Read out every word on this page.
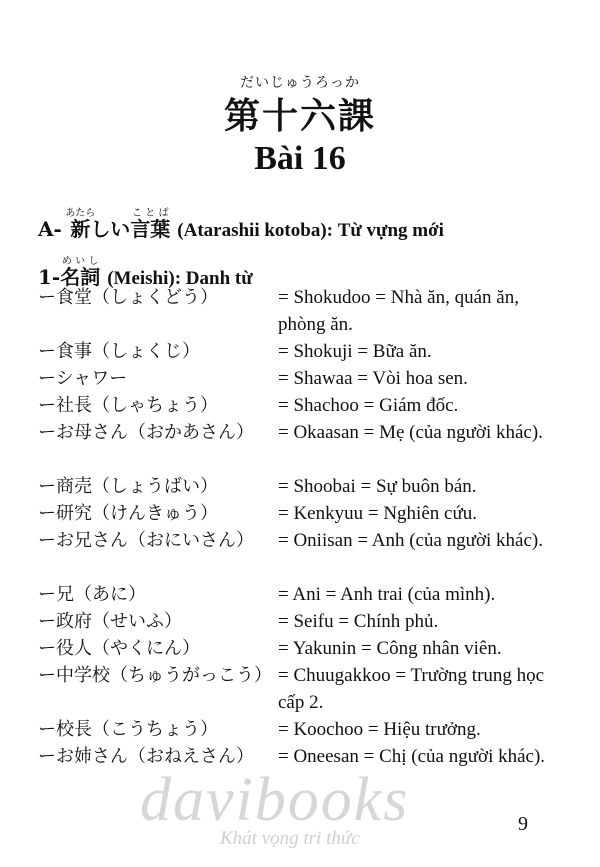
だいじゅうろっか
第十六課
Bài 16
A- 新あたらしい言葉ことば (Atarashii kotoba): Từ vựng mới
1-名詞めいし (Meishi): Danh từ
ー食堂（しょくどう）	= Shokudoo = Nhà ăn, quán ăn, phòng ăn.
ー食事（しょくじ）	= Shokuji = Bữa ăn.
ーシャワー	= Shawaa = Vòi hoa sen.
ー社長（しゃちょう）	= Shachoo = Giám đốc.
ーお母さん（おかあさん） = Okaasan = Mẹ (của người khác).
ー商売（しょうばい）	= Shoobai = Sự buôn bán.
ー研究（けんきゅう）	= Kenkyuu = Nghiên cứu.
ーお兄さん（おにいさん） = Oniisan = Anh (của người khác).
ー兄（あに）	= Ani = Anh trai (của mình).
ー政府（せいふ）	= Seifu = Chính phủ.
ー役人（やくにん）	= Yakunin = Công nhân viên.
ー中学校（ちゅうがっこう） = Chuugakkoo = Trường trung học cấp 2.
ー校長（こうちょう）	= Koochoo = Hiệu trưởng.
ーお姉さん（おねえさん） = Oneesan = Chị (của người khác).
davibooks
Khát vọng tri thức
9
